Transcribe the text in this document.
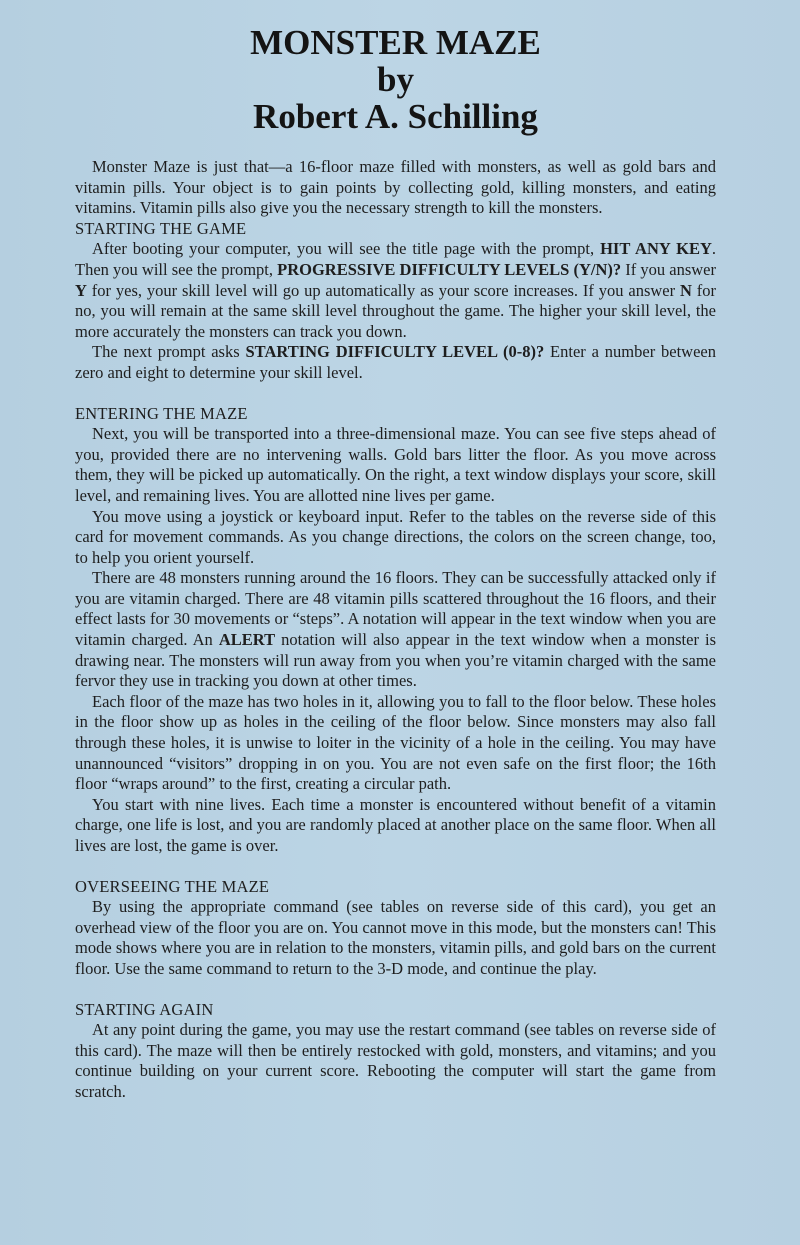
MONSTER MAZE
by
Robert A. Schilling

Monster Maze is just that—a 16-floor maze filled with monsters, as well as gold bars and vitamin pills. Your object is to gain points by collecting gold, killing monsters, and eating vitamins. Vitamin pills also give you the necessary strength to kill the monsters.

STARTING THE GAME

After booting your computer, you will see the title page with the prompt, HIT ANY KEY. Then you will see the prompt, PROGRESSIVE DIFFICULTY LEVELS (Y/N)? If you answer Y for yes, your skill level will go up automatically as your score increases. If you answer N for no, you will remain at the same skill level throughout the game. The higher your skill level, the more accurately the monsters can track you down.

The next prompt asks STARTING DIFFICULTY LEVEL (0-8)? Enter a number between zero and eight to determine your skill level.

ENTERING THE MAZE

Next, you will be transported into a three-dimensional maze. You can see five steps ahead of you, provided there are no intervening walls. Gold bars litter the floor. As you move across them, they will be picked up automatically. On the right, a text window displays your score, skill level, and remaining lives. You are allotted nine lives per game.

You move using a joystick or keyboard input. Refer to the tables on the reverse side of this card for movement commands. As you change directions, the colors on the screen change, too, to help you orient yourself.

There are 48 monsters running around the 16 floors. They can be successfully attacked only if you are vitamin charged. There are 48 vitamin pills scattered throughout the 16 floors, and their effect lasts for 30 movements or “steps”. A notation will appear in the text window when you are vitamin charged. An ALERT notation will also appear in the text window when a monster is drawing near. The monsters will run away from you when you’re vitamin charged with the same fervor they use in tracking you down at other times.

Each floor of the maze has two holes in it, allowing you to fall to the floor below. These holes in the floor show up as holes in the ceiling of the floor below. Since monsters may also fall through these holes, it is unwise to loiter in the vicinity of a hole in the ceiling. You may have unannounced “visitors” dropping in on you. You are not even safe on the first floor; the 16th floor “wraps around” to the first, creating a circular path.

You start with nine lives. Each time a monster is encountered without benefit of a vitamin charge, one life is lost, and you are randomly placed at another place on the same floor. When all lives are lost, the game is over.

OVERSEEING THE MAZE

By using the appropriate command (see tables on reverse side of this card), you get an overhead view of the floor you are on. You cannot move in this mode, but the monsters can! This mode shows where you are in relation to the monsters, vitamin pills, and gold bars on the current floor. Use the same command to return to the 3-D mode, and continue the play.

STARTING AGAIN

At any point during the game, you may use the restart command (see tables on reverse side of this card). The maze will then be entirely restocked with gold, monsters, and vitamins; and you continue building on your current score. Rebooting the computer will start the game from scratch.
